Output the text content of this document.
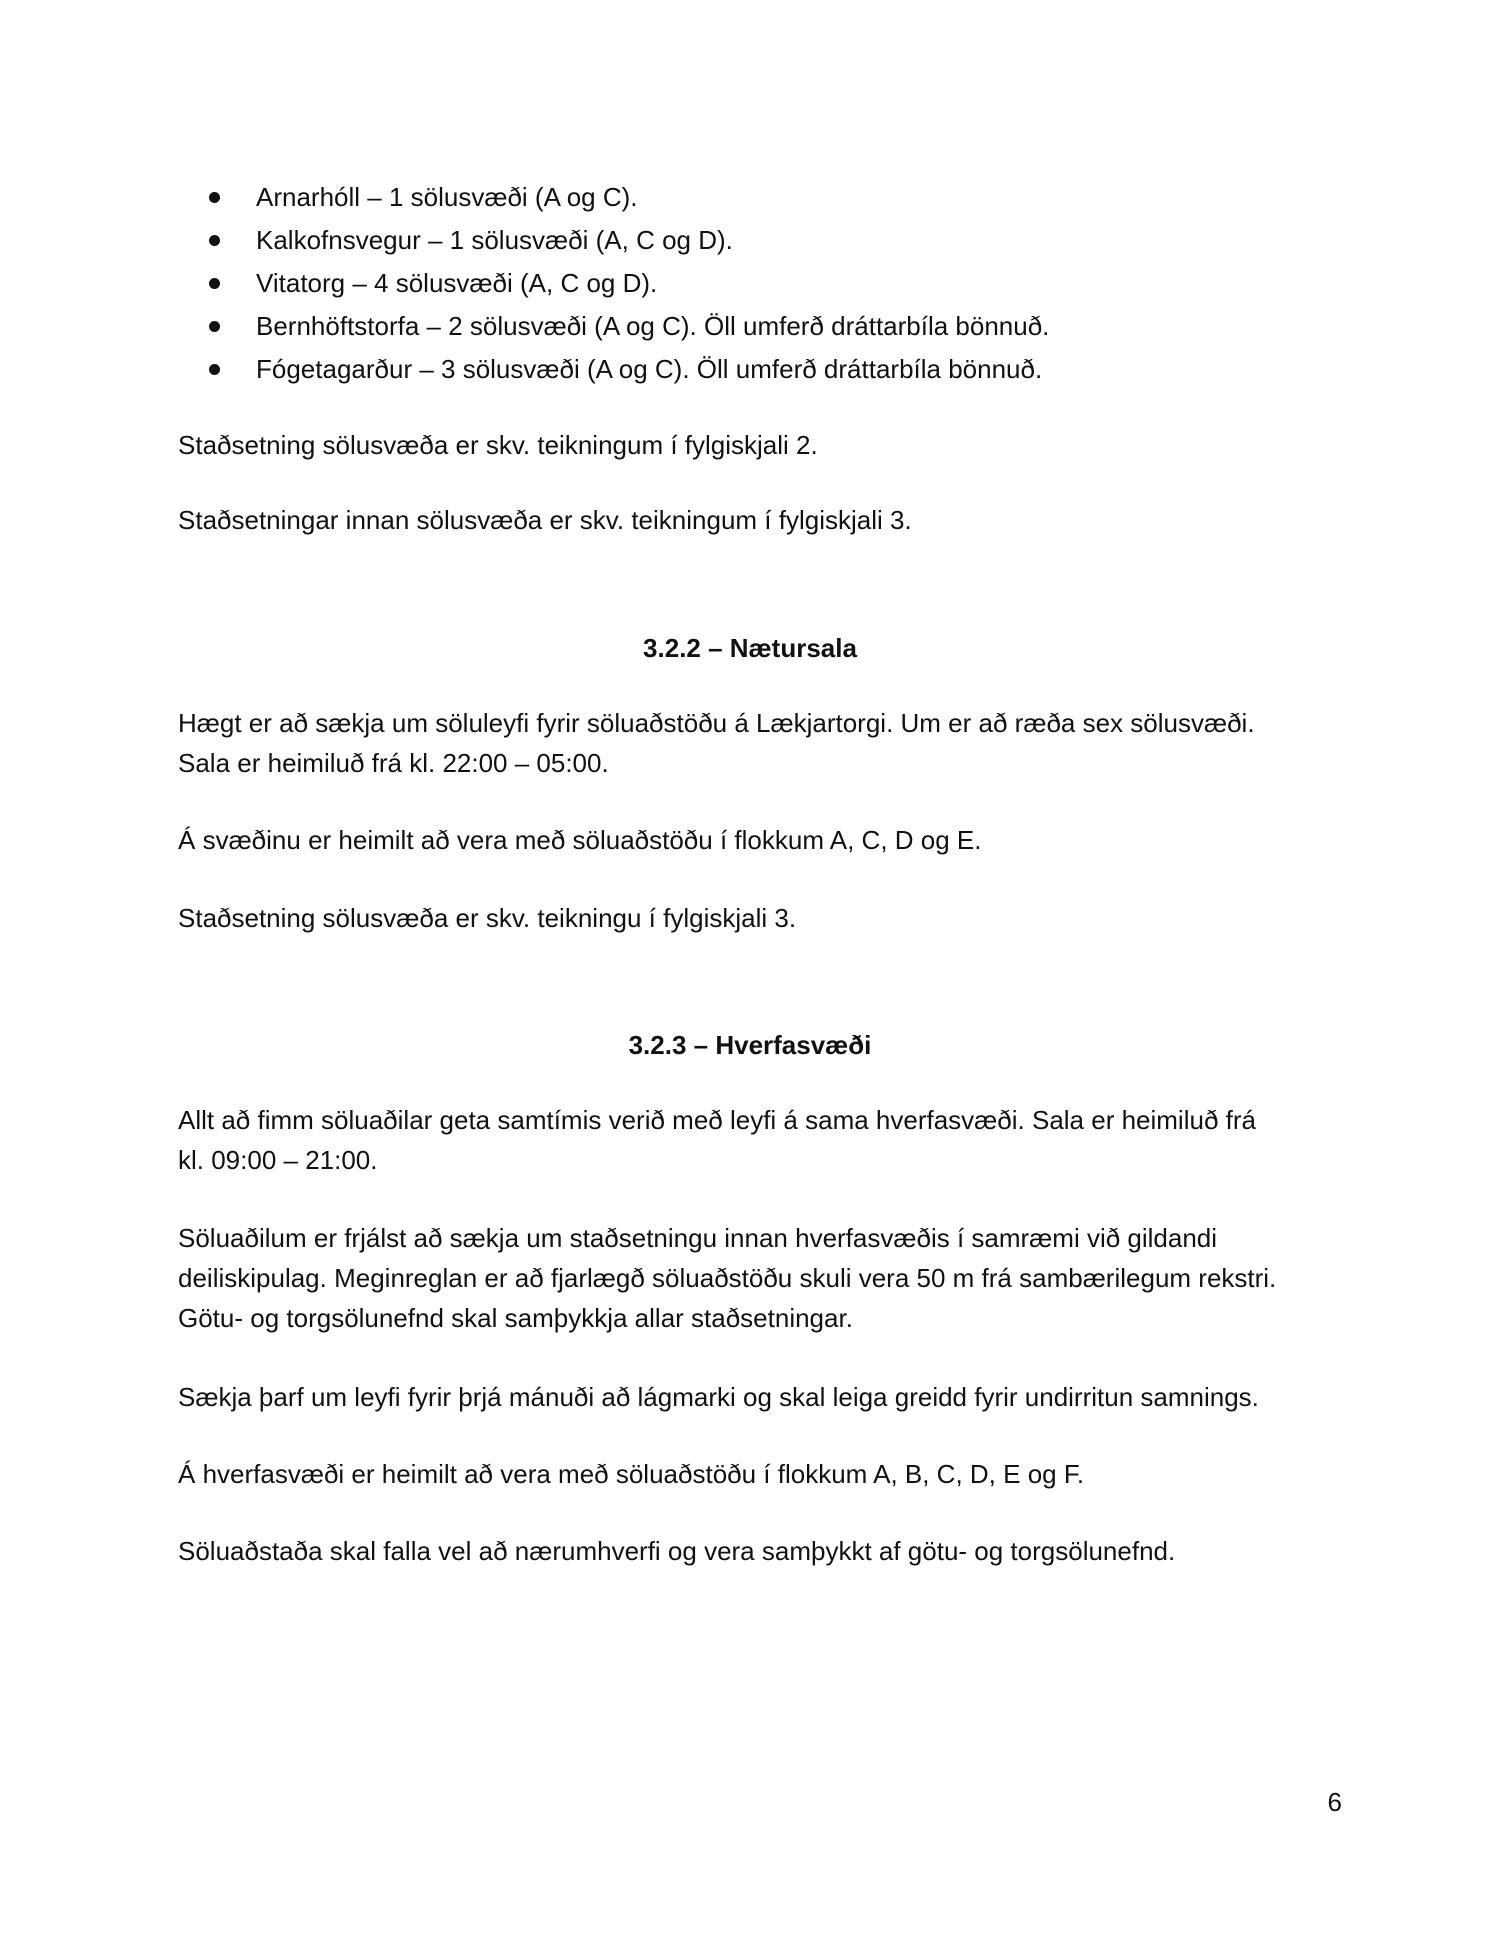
Arnarhóll – 1 sölusvæði (A og C).
Kalkofnsvegur – 1 sölusvæði (A, C og D).
Vitatorg – 4 sölusvæði (A, C og D).
Bernhöftstorfa – 2 sölusvæði (A og C). Öll umferð dráttarbíla bönnuð.
Fógetagarður – 3 sölusvæði (A og C). Öll umferð dráttarbíla bönnuð.
Staðsetning sölusvæða er skv. teikningum í fylgiskjali 2.
Staðsetningar innan sölusvæða er skv. teikningum í fylgiskjali 3.
3.2.2 – Nætursala
Hægt er að sækja um söluleyfi fyrir söluaðstöðu á Lækjartorgi. Um er að ræða sex sölusvæði.
Sala er heimiluð frá kl. 22:00 – 05:00.
Á svæðinu er heimilt að vera með söluaðstöðu í flokkum A, C, D og E.
Staðsetning sölusvæða er skv. teikningu í fylgiskjali 3.
3.2.3 – Hverfasvæði
Allt að fimm söluaðilar geta samtímis verið með leyfi á sama hverfasvæði. Sala er heimiluð frá
kl. 09:00 – 21:00.
Söluaðilum er frjálst að sækja um staðsetningu innan hverfasvæðis í samræmi við gildandi
deiliskipulag. Meginreglan er að fjarlægð söluaðstöðu skuli vera 50 m frá sambærilegum rekstri.
Götu- og torgsölunefnd skal samþykkja allar staðsetningar.
Sækja þarf um leyfi fyrir þrjá mánuði að lágmarki og skal leiga greidd fyrir undirritun samnings.
Á hverfasvæði er heimilt að vera með söluaðstöðu í flokkum A, B, C, D, E og F.
Söluaðstaða skal falla vel að nærumhverfi og vera samþykkt af götu- og torgsölunefnd.
6
